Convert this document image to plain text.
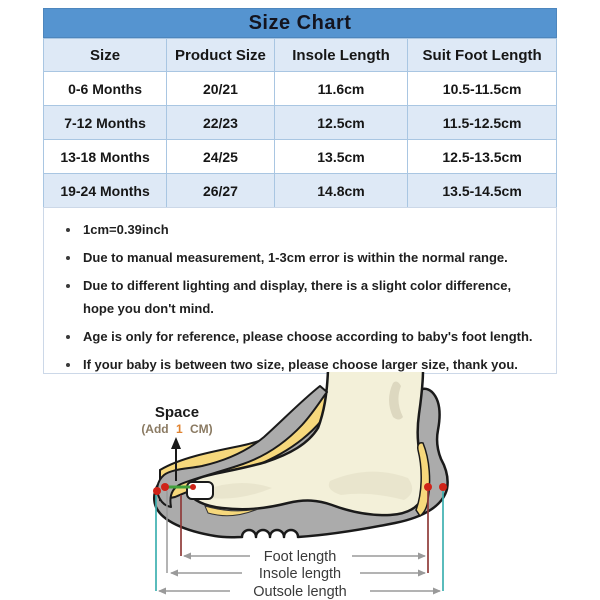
Size Chart
Size	Product Size	Insole Length	Suit Foot Length
0-6 Months	20/21	11.6cm	10.5-11.5cm
7-12 Months	22/23	12.5cm	11.5-12.5cm
13-18 Months	24/25	13.5cm	12.5-13.5cm
19-24 Months	26/27	14.8cm	13.5-14.5cm
1cm=0.39inch
Due to manual measurement, 1-3cm error is within the normal range.
Due to different lighting and display, there is a slight color difference, hope you don't mind.
Age is only for reference, please choose according to baby's foot length.
If your baby is between two size, please choose larger size, thank you.
Foot length
Insole length
Outsole length
Space
(Add 1 CM)
